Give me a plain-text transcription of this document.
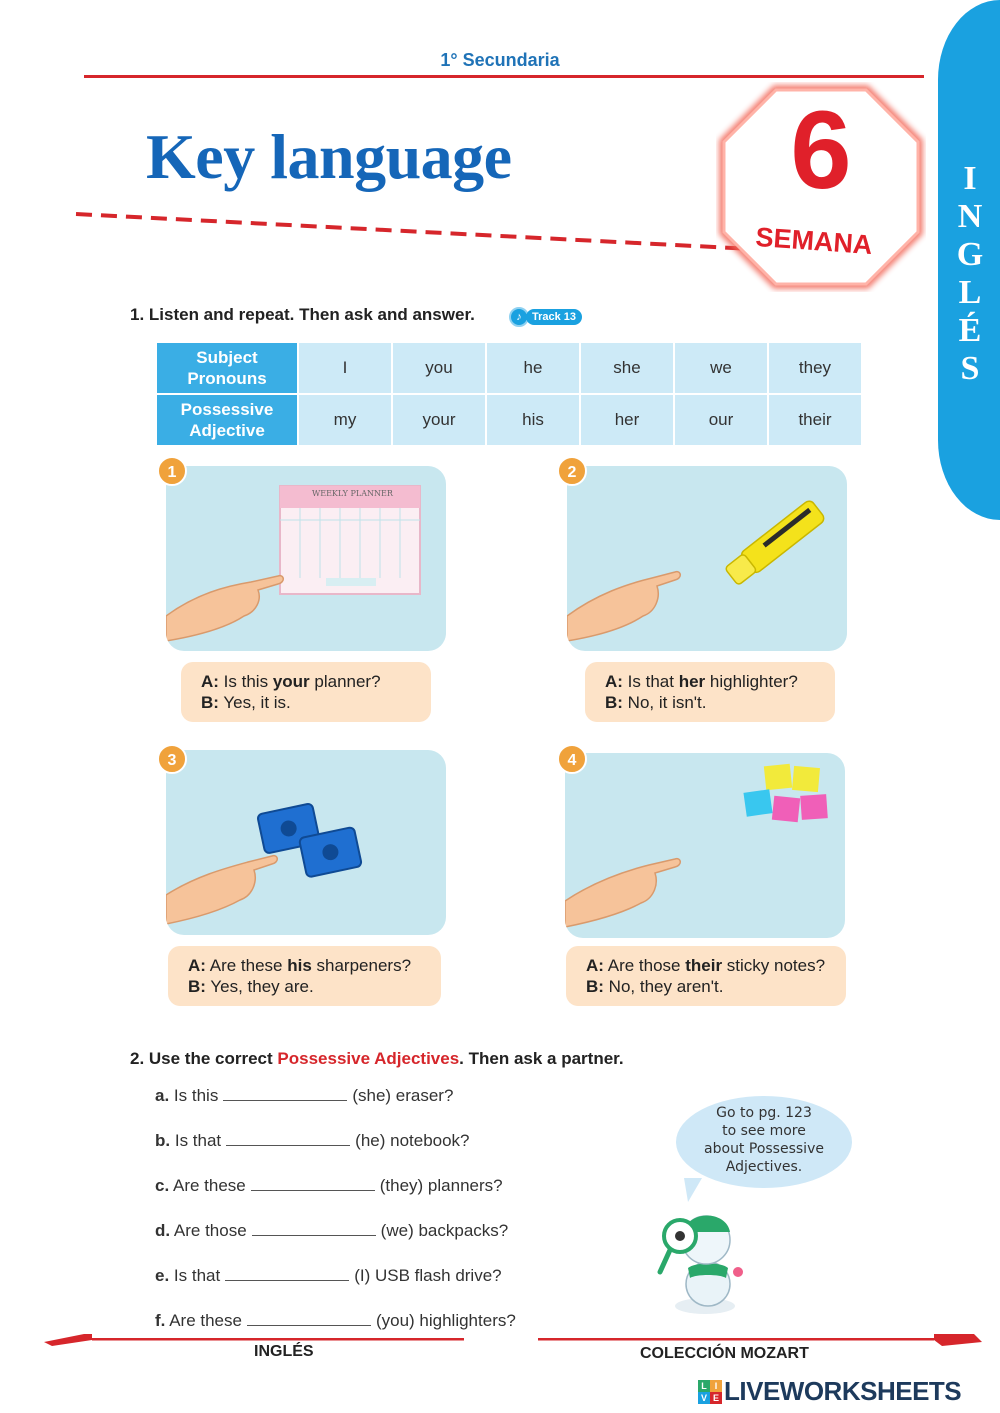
1° Secundaria
Key language	6
SEMANA
I
N
G
L
É
S
1. Listen and repeat. Then ask and answer.	♪ Track 13
Subject Pronouns	I	you	he	she	we	they
Possessive Adjective	my	your	his	her	our	their
1
WEEKLY PLANNER
A: Is this your planner?
B: Yes, it is.
2
A: Is that her highlighter?
B: No, it isn't.
3
A: Are these his sharpeners?
B: Yes, they are.
4
A: Are those their sticky notes?
B: No, they aren't.
2. Use the correct Possessive Adjectives. Then ask a partner.
a. Is this	(she) eraser?
b. Is that	(he) notebook?
c. Are these	(they) planners?
d. Are those	(we) backpacks?
e. Is that	(I) USB flash drive?
f. Are these	(you) highlighters?
Go to pg. 123
to see more
about Possessive
Adjectives.
INGLÉS	COLECCIÓN MOZART
L I
V E LIVEWORKSHEETS
